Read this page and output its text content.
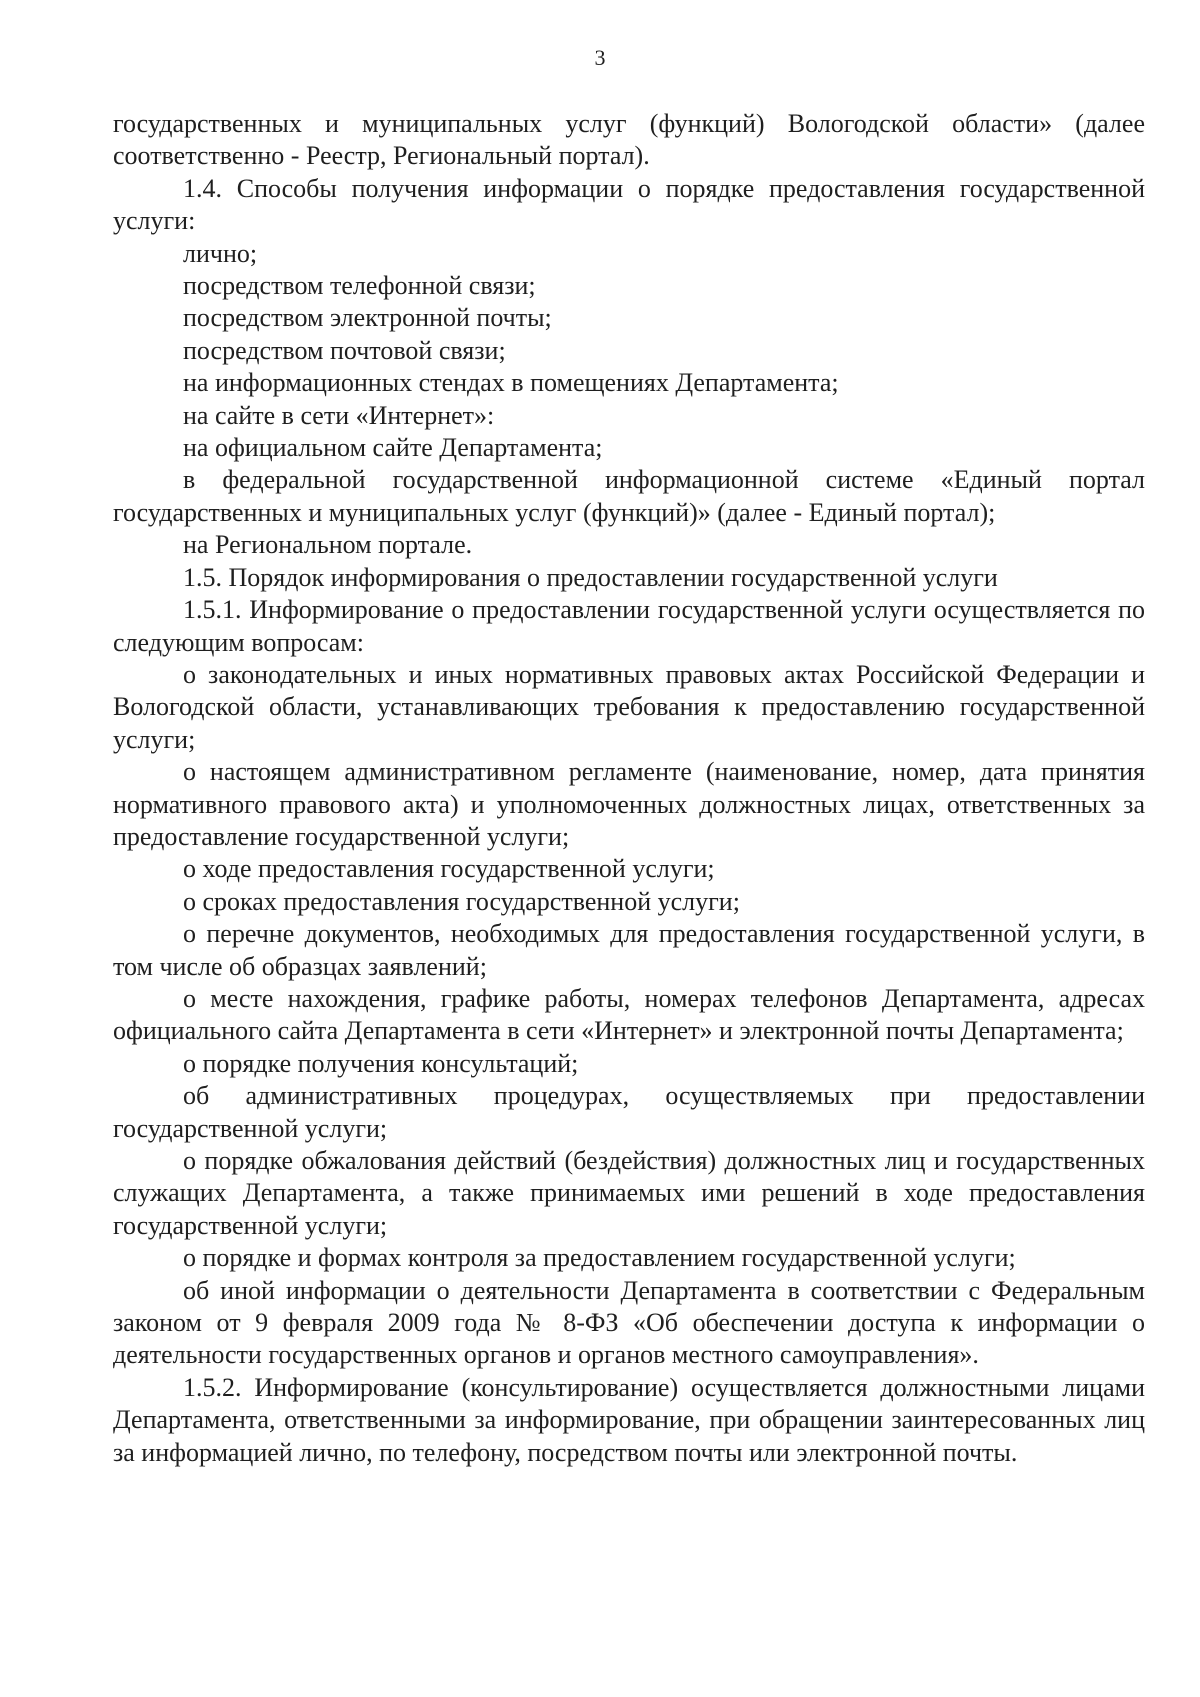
3

государственных и муниципальных услуг (функций) Вологодской области» (далее соответственно - Реестр, Региональный портал).

1.4. Способы получения информации о порядке предоставления государственной услуги:

лично;

посредством телефонной связи;

посредством электронной почты;

посредством почтовой связи;

на информационных стендах в помещениях Департамента;

на сайте в сети «Интернет»:

на официальном сайте Департамента;

в федеральной государственной информационной системе «Единый портал государственных и муниципальных услуг (функций)» (далее - Единый портал);

на Региональном портале.

1.5. Порядок информирования о предоставлении государственной услуги

1.5.1. Информирование о предоставлении государственной услуги осуществляется по следующим вопросам:

о законодательных и иных нормативных правовых актах Российской Федерации и Вологодской области, устанавливающих требования к предоставлению государственной услуги;

о настоящем административном регламенте (наименование, номер, дата принятия нормативного правового акта) и уполномоченных должностных лицах, ответственных за предоставление государственной услуги;

о ходе предоставления государственной услуги;

о сроках предоставления государственной услуги;

о перечне документов, необходимых для предоставления государственной услуги, в том числе об образцах заявлений;

о месте нахождения, графике работы, номерах телефонов Департамента, адресах официального сайта Департамента в сети «Интернет» и электронной почты Департамента;

о порядке получения консультаций;

об административных процедурах, осуществляемых при предоставлении государственной услуги;

о порядке обжалования действий (бездействия) должностных лиц и государственных служащих Департамента, а также принимаемых ими решений в ходе предоставления государственной услуги;

о порядке и формах контроля за предоставлением государственной услуги;

об иной информации о деятельности Департамента в соответствии с Федеральным законом от 9 февраля 2009 года № 8-ФЗ «Об обеспечении доступа к информации о деятельности государственных органов и органов местного самоуправления».

1.5.2. Информирование (консультирование) осуществляется должностными лицами Департамента, ответственными за информирование, при обращении заинтересованных лиц за информацией лично, по телефону, посредством почты или электронной почты.
